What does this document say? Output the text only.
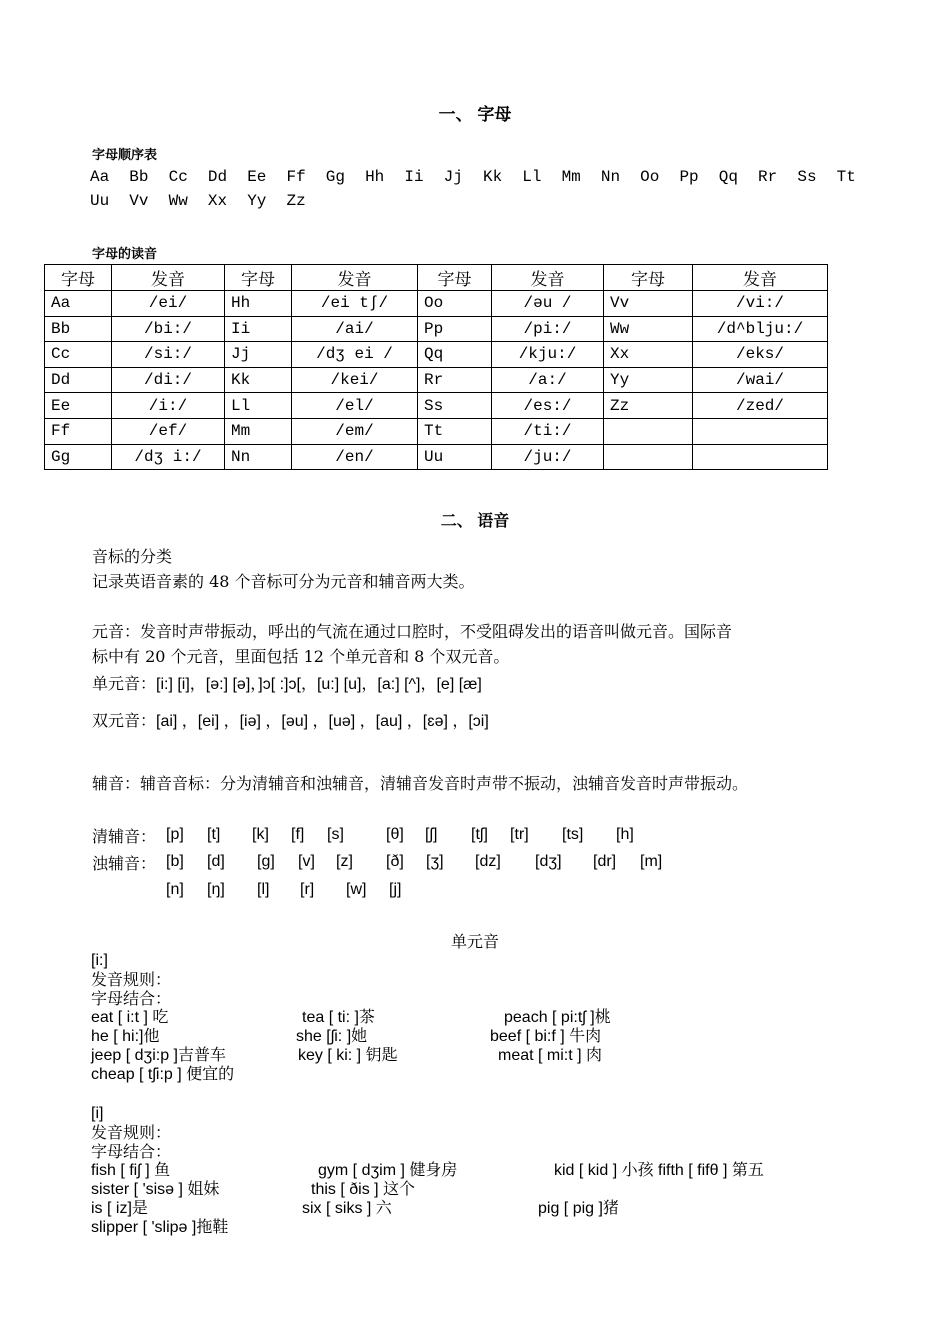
一、 字母
字母顺序表
Aa Bb Cc Dd Ee Ff Gg Hh Ii Jj Kk Ll Mm Nn Oo Pp Qq Rr Ss Tt
Uu Vv Ww Xx Yy Zz
字母的读音
字母	发音	字母	发音	字母	发音	字母	发音
Aa	/ei/	Hh	/ei t∫/	Oo	/əu /	Vv	/vi:/
Bb	/bi:/	Ii	/ai/	Pp	/pi:/	Ww	/d^blju:/
Cc	/si:/	Jj	/dʒ ei /	Qq	/kju:/	Xx	/eks/
Dd	/di:/	Kk	/kei/	Rr	/a:/	Yy	/wai/
Ee	/i:/	Ll	/el/	Ss	/es:/	Zz	/zed/
Ff	/ef/	Mm	/em/	Tt	/ti:/		
Gg	/dʒ i:/	Nn	/en/	Uu	/ju:/		
二、 语音
音标的分类
记录英语音素的 48 个音标可分为元音和辅音两大类。
元音：发音时声带振动，呼出的气流在通过口腔时，不受阻碍发出的语音叫做元音。国际音
标中有 20 个元音，里面包括 12 个单元音和 8 个双元音。
单元音：[i:] [i]，[ə:] [ə]，]ɔ[ :]ɔ[，[u:] [u]，[a:] [^]，[e] [æ]
双元音：[ai] ，[ei] ，[iə] ，[əu] ，[uə] ，[au] ，[ɛə] ，[ɔi]
辅音：辅音音标：分为清辅音和浊辅音，清辅音发音时声带不振动，浊辅音发音时声带振动。
清辅音： [p] [t] [k] [f] [s]	[θ] [ʃ] [tʃ] [tr] [ts] [h]
浊辅音： [b] [d] [g] [v] [z] [ð] [ʒ] [dz] [dʒ] [dr] [m]
[n] [ŋ] [l] [r] [w] [j]
单元音
[i:]
发音规则：
字母结合：
eat [ i:t ] 吃	tea [ ti: ]茶	peach [ pi:tʃ ]桃
he [ hi:]他	she [ʃi: ]她	beef [ bi:f ] 牛肉
jeep [ dʒi:p ]吉普车	key [ ki: ] 钥匙	meat [ mi:t ] 肉
cheap [ tʃi:p ] 便宜的
[i]
发音规则：
字母结合：
fish [ fiʃ ] 鱼	gym [ dʒim ] 健身房	kid [ kid ] 小孩 fifth [ fifθ ] 第五
sister [ 'sisə ] 姐妹	this [ ðis ] 这个
is [ iz]是	six [ siks ] 六	pig [ pig ]猪
slipper [ 'slipə ]拖鞋
